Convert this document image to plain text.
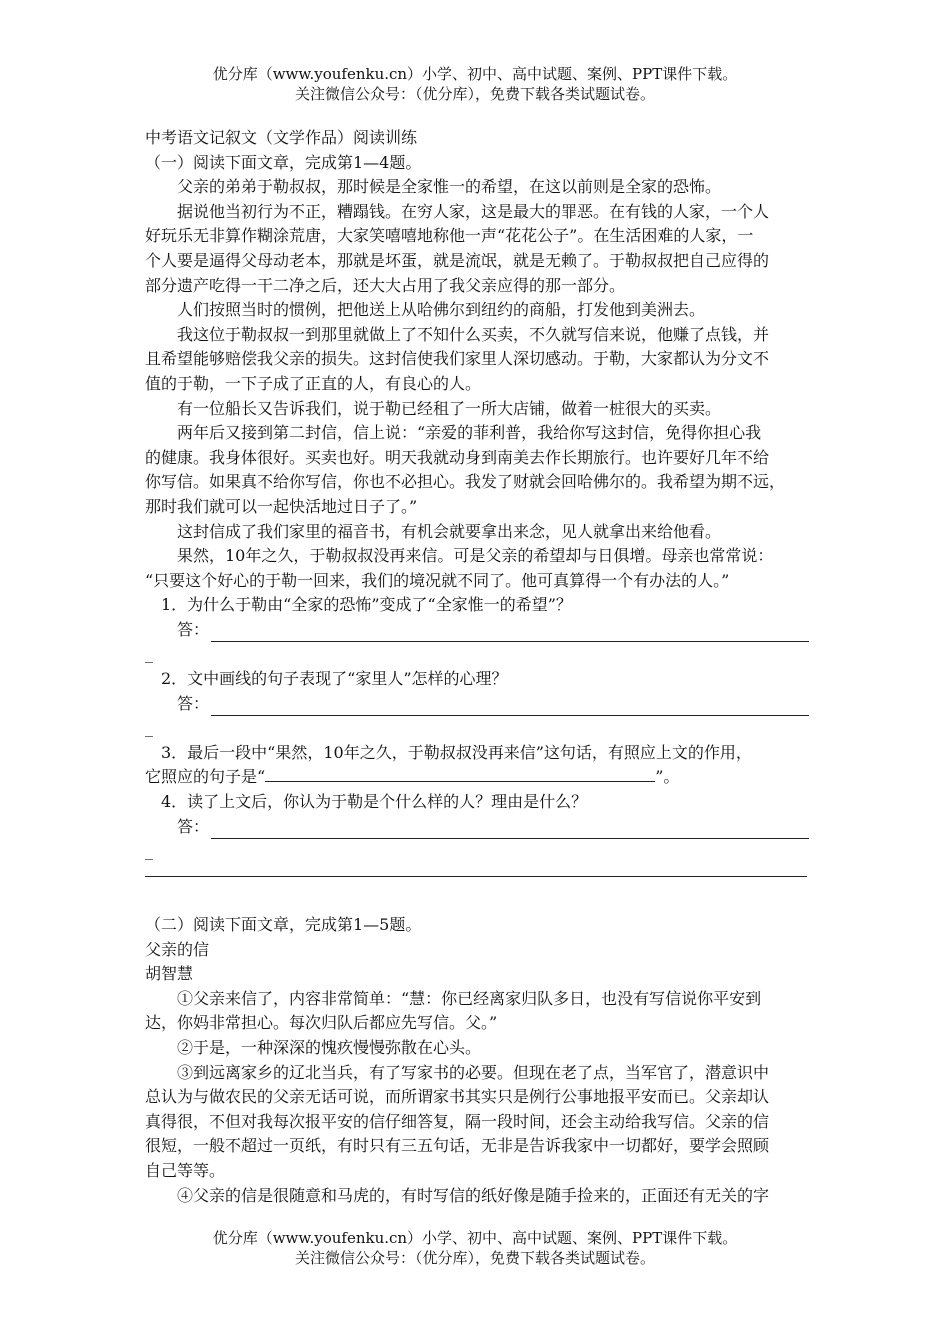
优分库（www.youfenku.cn）小学、初中、高中试题、案例、PPT课件下载。
关注微信公众号：（优分库），免费下载各类试题试卷。
中考语文记叙文（文学作品）阅读训练
（一）阅读下面文章，完成第1—4题。
父亲的弟弟于勒叔叔，那时候是全家惟一的希望，在这以前则是全家的恐怖。
据说他当初行为不正，糟蹋钱。在穷人家，这是最大的罪恶。在有钱的人家，一个人
好玩乐无非算作糊涂荒唐，大家笑嘻嘻地称他一声“花花公子”。在生活困难的人家，一
个人要是逼得父母动老本，那就是坏蛋，就是流氓，就是无赖了。于勒叔叔把自己应得的
部分遗产吃得一干二净之后，还大大占用了我父亲应得的那一部分。
人们按照当时的惯例，把他送上从哈佛尔到纽约的商船，打发他到美洲去。
我这位于勒叔叔一到那里就做上了不知什么买卖，不久就写信来说，他赚了点钱，并
且希望能够赔偿我父亲的损失。这封信使我们家里人深切感动。于勒，大家都认为分文不
值的于勒，一下子成了正直的人，有良心的人。
有一位船长又告诉我们，说于勒已经租了一所大店铺，做着一桩很大的买卖。
两年后又接到第二封信，信上说：“亲爱的菲利普，我给你写这封信，免得你担心我
的健康。我身体很好。买卖也好。明天我就动身到南美去作长期旅行。也许要好几年不给
你写信。如果真不给你写信，你也不必担心。我发了财就会回哈佛尔的。我希望为期不远，
那时我们就可以一起快活地过日子了。”
这封信成了我们家里的福音书，有机会就要拿出来念，见人就拿出来给他看。
果然，10年之久，于勒叔叔没再来信。可是父亲的希望却与日俱增。母亲也常常说：
“只要这个好心的于勒一回来，我们的境况就不同了。他可真算得一个有办法的人。”
1．为什么于勒由“全家的恐怖”变成了“全家惟一的希望”？
答：
_
2．文中画线的句子表现了“家里人”怎样的心理？
答：
_
3．最后一段中“果然，10年之久，于勒叔叔没再来信”这句话，有照应上文的作用，
它照应的句子是“	”。
4．读了上文后，你认为于勒是个什么样的人？理由是什么？
答：
_
（二）阅读下面文章，完成第1—5题。
父亲的信
胡智慧
①父亲来信了，内容非常简单：“慧：你已经离家归队多日，也没有写信说你平安到
达，你妈非常担心。每次归队后都应先写信。父。”
②于是，一种深深的愧疚慢慢弥散在心头。
③到远离家乡的辽北当兵，有了写家书的必要。但现在老了点，当军官了，潜意识中
总认为与做农民的父亲无话可说，而所谓家书其实只是例行公事地报平安而已。父亲却认
真得很，不但对我每次报平安的信仔细答复，隔一段时间，还会主动给我写信。父亲的信
很短，一般不超过一页纸，有时只有三五句话，无非是告诉我家中一切都好，要学会照顾
自己等等。
④父亲的信是很随意和马虎的，有时写信的纸好像是随手捡来的，正面还有无关的字
优分库（www.youfenku.cn）小学、初中、高中试题、案例、PPT课件下载。
关注微信公众号：（优分库），免费下载各类试题试卷。
